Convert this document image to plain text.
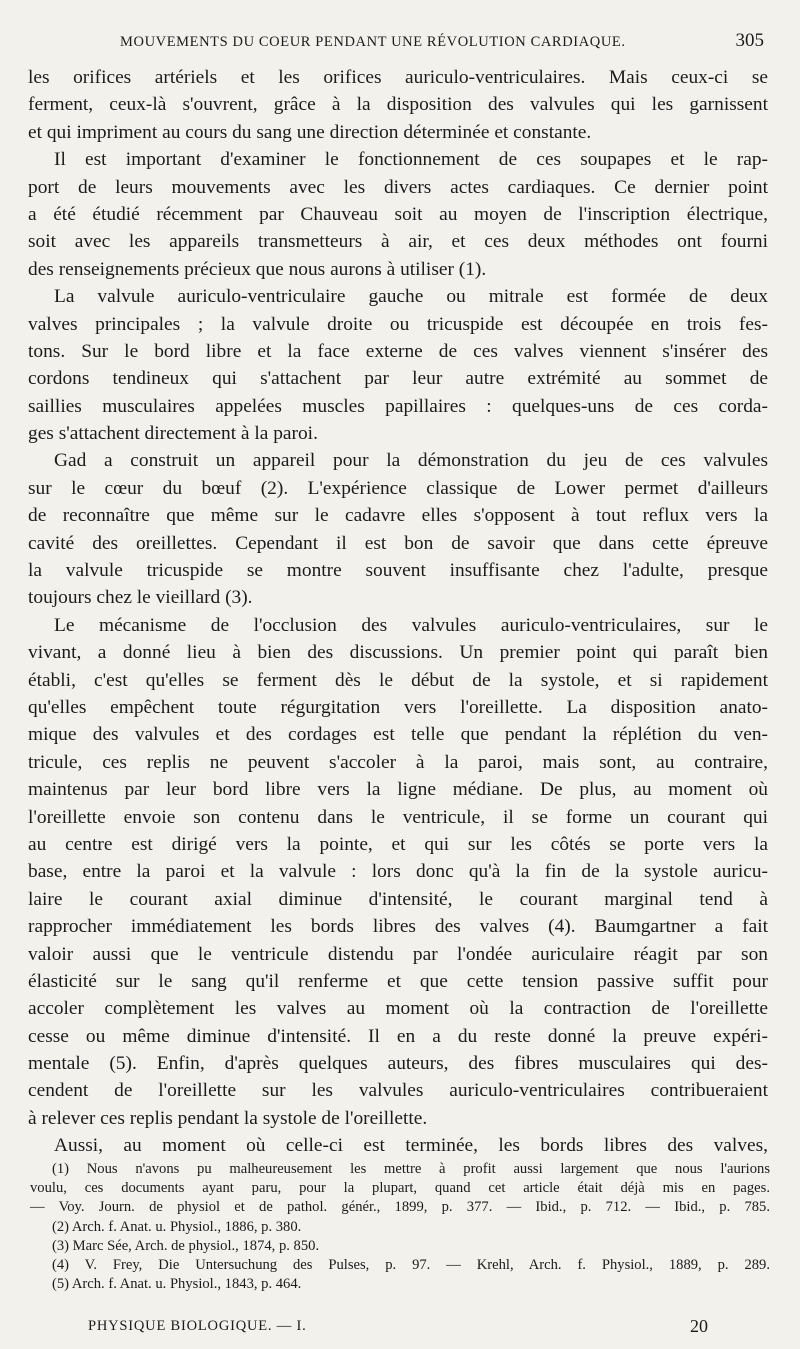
MOUVEMENTS DU COEUR PENDANT UNE RÉVOLUTION CARDIAQUE.	305
les orifices artériels et les orifices auriculo-ventriculaires. Mais ceux-ci se
ferment, ceux-là s'ouvrent, grâce à la disposition des valvules qui les garnissent
et qui impriment au cours du sang une direction déterminée et constante.
Il est important d'examiner le fonctionnement de ces soupapes et le rap-
port de leurs mouvements avec les divers actes cardiaques. Ce dernier point
a été étudié récemment par Chauveau soit au moyen de l'inscription électrique,
soit avec les appareils transmetteurs à air, et ces deux méthodes ont fourni
des renseignements précieux que nous aurons à utiliser (1).
La valvule auriculo-ventriculaire gauche ou mitrale est formée de deux
valves principales ; la valvule droite ou tricuspide est découpée en trois fes-
tons. Sur le bord libre et la face externe de ces valves viennent s'insérer des
cordons tendineux qui s'attachent par leur autre extrémité au sommet de
saillies musculaires appelées muscles papillaires : quelques-uns de ces corda-
ges s'attachent directement à la paroi.
Gad a construit un appareil pour la démonstration du jeu de ces valvules
sur le cœur du bœuf (2). L'expérience classique de Lower permet d'ailleurs
de reconnaître que même sur le cadavre elles s'opposent à tout reflux vers la
cavité des oreillettes. Cependant il est bon de savoir que dans cette épreuve
la valvule tricuspide se montre souvent insuffisante chez l'adulte, presque
toujours chez le vieillard (3).
Le mécanisme de l'occlusion des valvules auriculo-ventriculaires, sur le
vivant, a donné lieu à bien des discussions. Un premier point qui paraît bien
établi, c'est qu'elles se ferment dès le début de la systole, et si rapidement
qu'elles empêchent toute régurgitation vers l'oreillette. La disposition anato-
mique des valvules et des cordages est telle que pendant la réplétion du ven-
tricule, ces replis ne peuvent s'accoler à la paroi, mais sont, au contraire,
maintenus par leur bord libre vers la ligne médiane. De plus, au moment où
l'oreillette envoie son contenu dans le ventricule, il se forme un courant qui
au centre est dirigé vers la pointe, et qui sur les côtés se porte vers la
base, entre la paroi et la valvule : lors donc qu'à la fin de la systole auricu-
laire le courant axial diminue d'intensité, le courant marginal tend à
rapprocher immédiatement les bords libres des valves (4). Baumgartner a fait
valoir aussi que le ventricule distendu par l'ondée auriculaire réagit par son
élasticité sur le sang qu'il renferme et que cette tension passive suffit pour
accoler complètement les valves au moment où la contraction de l'oreillette
cesse ou même diminue d'intensité. Il en a du reste donné la preuve expéri-
mentale (5). Enfin, d'après quelques auteurs, des fibres musculaires qui des-
cendent de l'oreillette sur les valvules auriculo-ventriculaires contribueraient
à relever ces replis pendant la systole de l'oreillette.
Aussi, au moment où celle-ci est terminée, les bords libres des valves,
(1) Nous n'avons pu malheureusement les mettre à profit aussi largement que nous l'aurions
voulu, ces documents ayant paru, pour la plupart, quand cet article était déjà mis en pages.
— Voy. Journ. de physiol et de pathol. génér., 1899, p. 377. — Ibid., p. 712. — Ibid., p. 785.
(2) Arch. f. Anat. u. Physiol., 1886, p. 380.
(3) Marc Sée, Arch. de physiol., 1874, p. 850.
(4) V. Frey, Die Untersuchung des Pulses, p. 97. — Krehl, Arch. f. Physiol., 1889, p. 289.
(5) Arch. f. Anat. u. Physiol., 1843, p. 464.
PHYSIQUE BIOLOGIQUE. — I.	20
